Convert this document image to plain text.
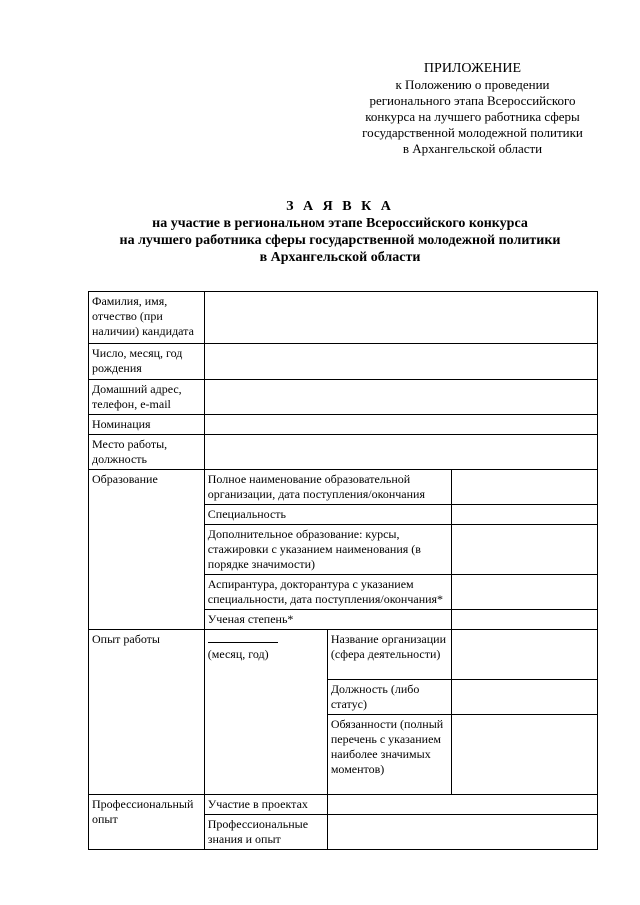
ПРИЛОЖЕНИЕ
к Положению о проведении
регионального этапа Всероссийского
конкурса на лучшего работника сферы
государственной молодежной политики
в Архангельской области
З А Я В К А
на участие в региональном этапе Всероссийского конкурса
на лучшего работника сферы государственной молодежной политики
в Архангельской области
Фамилия, имя, отчество (при наличии) кандидата			
Число, месяц, год рождения			
Домашний адрес, телефон, e-mail			
Номинация			
Место работы, должность			
Образование	Полное наименование образовательной организации, дата поступления/окончания		
	Специальность		
	Дополнительное образование: курсы, стажировки с указанием наименования (в порядке значимости)		
	Аспирантура, докторантура с указанием специальности, дата поступления/окончания*		
	Ученая степень*		
Опыт работы	(месяц, год)	Название организации (сфера деятельности)	
		Должность (либо статус)	
		Обязанности (полный перечень с указанием наиболее значимых моментов)	
Профессиональный опыт	Участие в проектах		
	Профессиональные знания и опыт		
